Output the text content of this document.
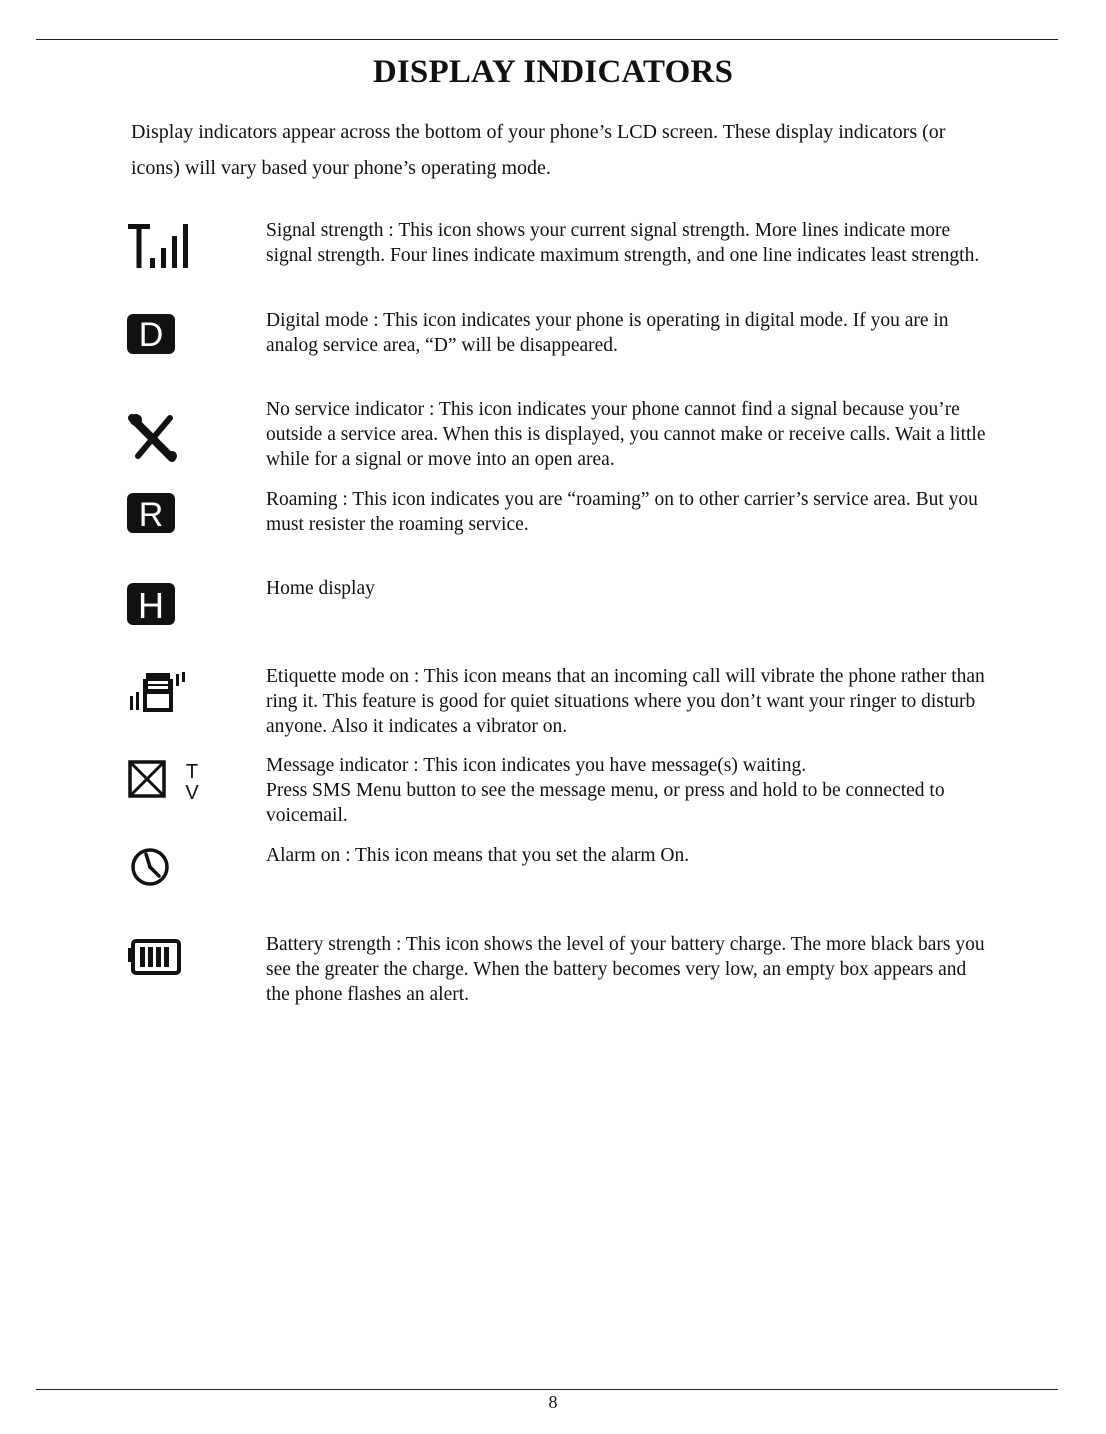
DISPLAY INDICATORS

Display indicators appear across the bottom of your phone’s LCD screen. These display indicators (or icons) will vary based your phone’s operating mode.

Signal strength : This icon shows your current signal strength. More lines indicate more signal strength. Four lines indicate maximum strength, and one line indicates least strength.

D	Digital mode : This icon indicates your phone is operating in digital mode. If you are in analog service area, “D” will be disappeared.

No service indicator : This icon indicates your phone cannot find a signal because you’re outside a service area. When this is displayed, you cannot make or receive calls. Wait a little while for a signal or move into an open area.

R	Roaming : This icon indicates you are “roaming” on to other carrier’s service area. But you must resister the roaming service.

H	Home display

Etiquette mode on : This icon means that an incoming call will vibrate the phone rather than ring it. This feature is good for quiet situations where you don’t want your ringer to disturb anyone. Also it indicates a vibrator on.

T
V
Message indicator : This icon indicates you have message(s) waiting.
Press SMS Menu button to see the message menu, or press and hold to be connected to voicemail.

Alarm on : This icon means that you set the alarm On.

Battery strength : This icon shows the level of your battery charge. The more black bars you see the greater the charge. When the battery becomes very low, an empty box appears and the phone flashes an alert.

8
